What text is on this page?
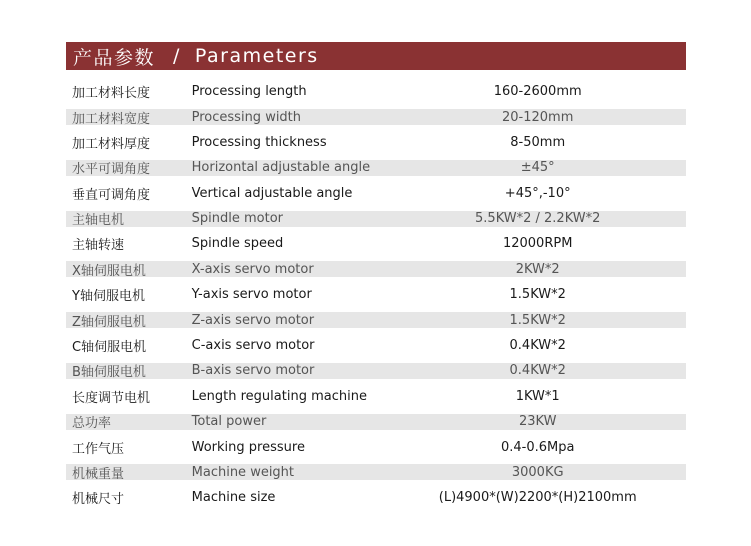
产品参数 / Parameters
加工材料长度	Processing length	160-2600mm
加工材料宽度	Processing width	20-120mm
加工材料厚度	Processing thickness	8-50mm
水平可调角度	Horizontal adjustable angle	±45°
垂直可调角度	Vertical adjustable angle	+45°,-10°
主轴电机	Spindle motor	5.5KW*2 / 2.2KW*2
主轴转速	Spindle speed	12000RPM
X轴伺服电机	X-axis servo motor	2KW*2
Y轴伺服电机	Y-axis servo motor	1.5KW*2
Z轴伺服电机	Z-axis servo motor	1.5KW*2
C轴伺服电机	C-axis servo motor	0.4KW*2
B轴伺服电机	B-axis servo motor	0.4KW*2
长度调节电机	Length regulating machine	1KW*1
总功率	Total power	23KW
工作气压	Working pressure	0.4-0.6Mpa
机械重量	Machine weight	3000KG
机械尺寸	Machine size	(L)4900*(W)2200*(H)2100mm
